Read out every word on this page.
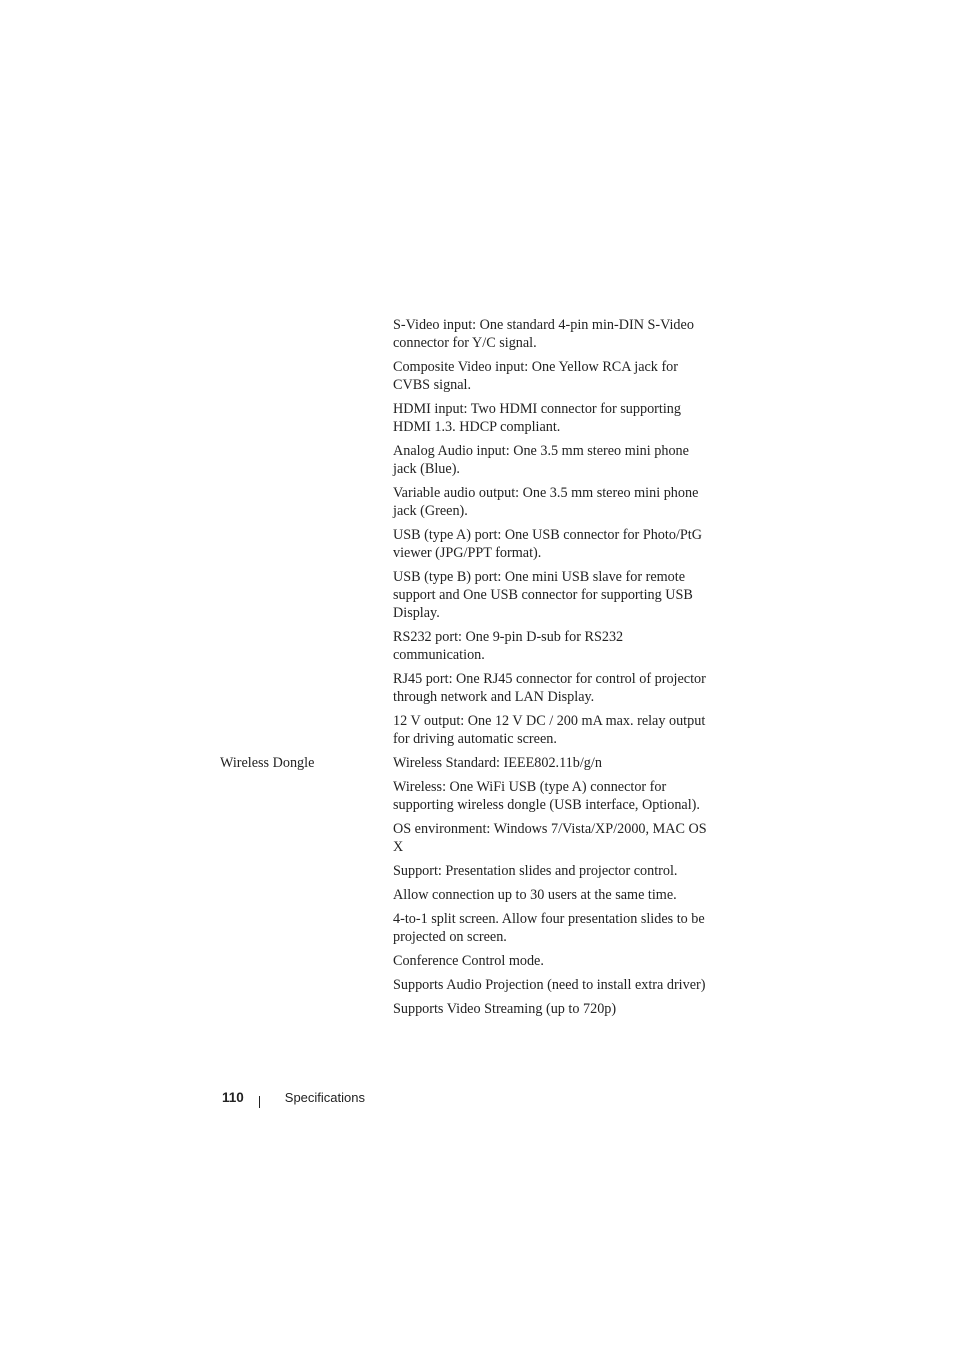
S-Video input: One standard 4-pin min-DIN S-Video connector for Y/C signal.

Composite Video input: One Yellow RCA jack for CVBS signal.

HDMI input: Two HDMI connector for supporting HDMI 1.3. HDCP compliant.

Analog Audio input: One 3.5 mm stereo mini phone jack (Blue).

Variable audio output: One 3.5 mm stereo mini phone jack (Green).

USB (type A) port: One USB connector for Photo/PtG viewer (JPG/PPT format).

USB (type B) port: One mini USB slave for remote support and One USB connector for supporting USB Display.

RS232 port: One 9-pin D-sub for RS232 communication.

RJ45 port: One RJ45 connector for control of projector through network and LAN Display.

12 V output: One 12 V DC / 200 mA max. relay output for driving automatic screen.

Wireless Dongle	Wireless Standard: IEEE802.11b/g/n

Wireless: One WiFi USB (type A) connector for supporting wireless dongle (USB interface, Optional).

OS environment: Windows 7/Vista/XP/2000, MAC OS X

Support: Presentation slides and projector control.

Allow connection up to 30 users at the same time.

4-to-1 split screen. Allow four presentation slides to be projected on screen.

Conference Control mode.

Supports Audio Projection (need to install extra driver)

Supports Video Streaming (up to 720p)

110	Specifications
